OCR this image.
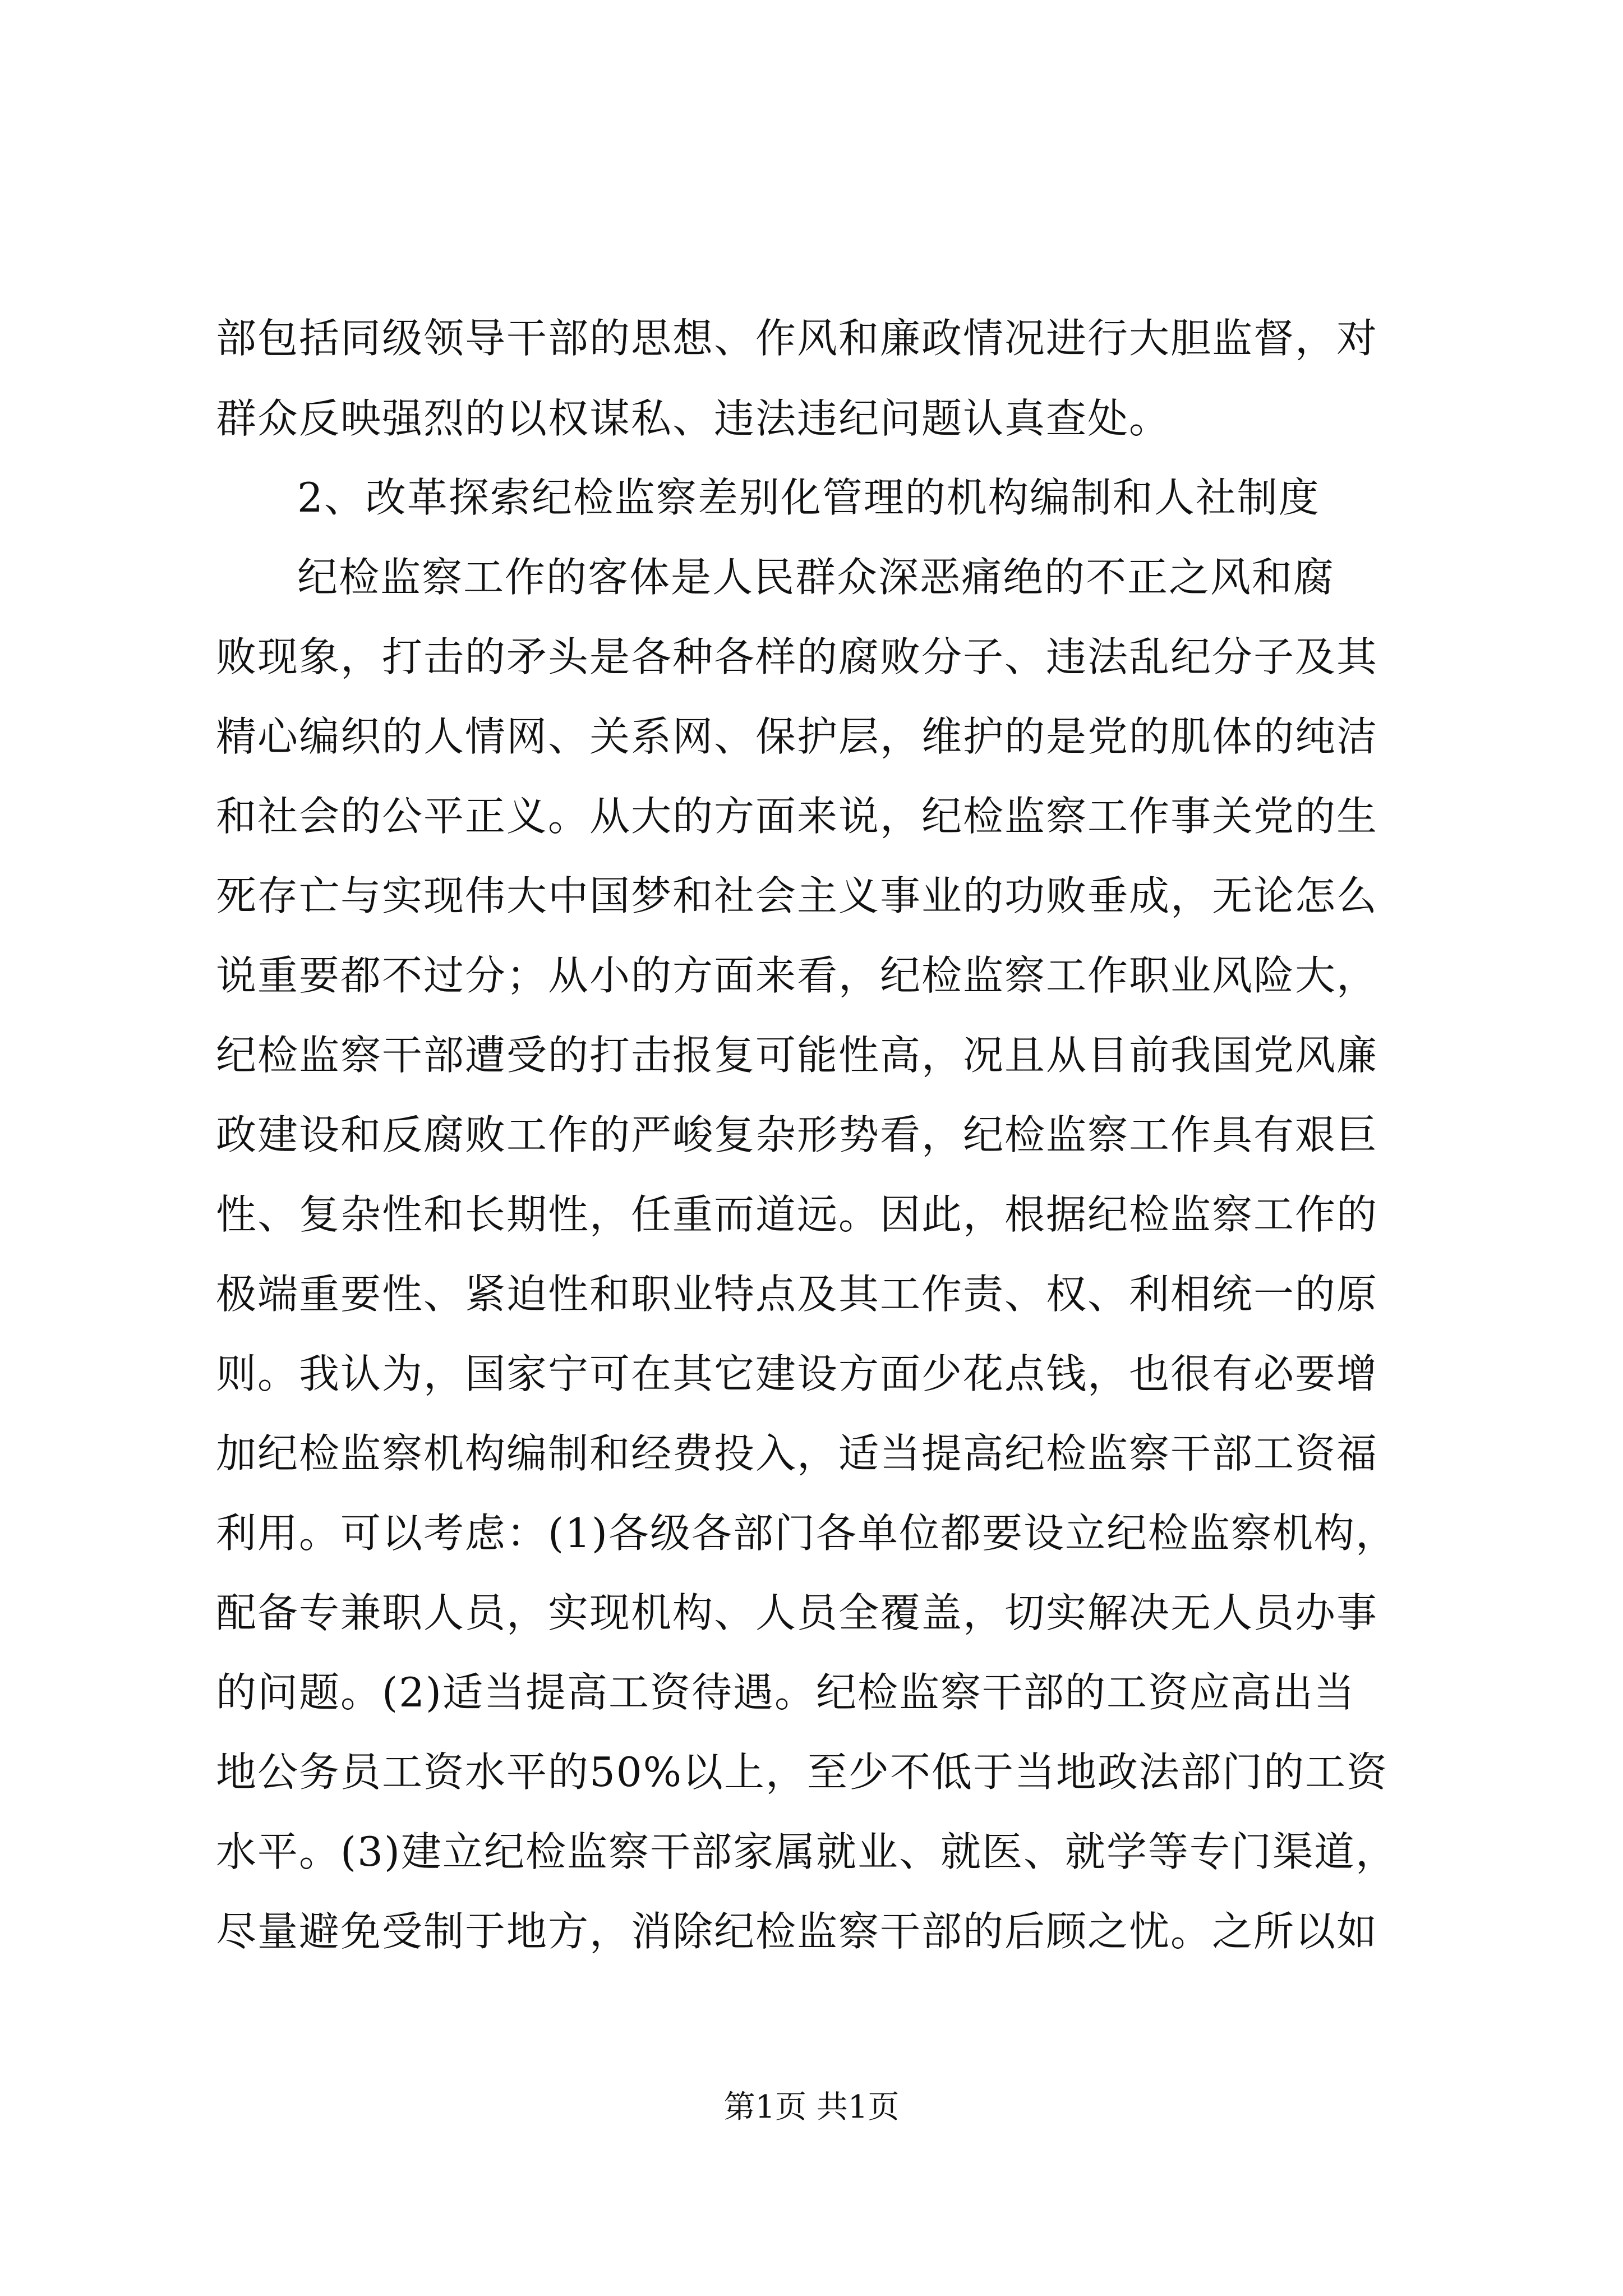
部包括同级领导干部的思想、作风和廉政情况进行大胆监督，对
群众反映强烈的以权谋私、违法违纪问题认真查处。
2、改革探索纪检监察差别化管理的机构编制和人社制度
纪检监察工作的客体是人民群众深恶痛绝的不正之风和腐
败现象，打击的矛头是各种各样的腐败分子、违法乱纪分子及其
精心编织的人情网、关系网、保护层，维护的是党的肌体的纯洁
和社会的公平正义。从大的方面来说，纪检监察工作事关党的生
死存亡与实现伟大中国梦和社会主义事业的功败垂成，无论怎么
说重要都不过分；从小的方面来看，纪检监察工作职业风险大，
纪检监察干部遭受的打击报复可能性高，况且从目前我国党风廉
政建设和反腐败工作的严峻复杂形势看，纪检监察工作具有艰巨
性、复杂性和长期性，任重而道远。因此，根据纪检监察工作的
极端重要性、紧迫性和职业特点及其工作责、权、利相统一的原
则。我认为，国家宁可在其它建设方面少花点钱，也很有必要增
加纪检监察机构编制和经费投入，适当提高纪检监察干部工资福
利用。可以考虑：(1)各级各部门各单位都要设立纪检监察机构，
配备专兼职人员，实现机构、人员全覆盖，切实解决无人员办事
的问题。(2)适当提高工资待遇。纪检监察干部的工资应高出当
地公务员工资水平的50%以上，至少不低于当地政法部门的工资
水平。(3)建立纪检监察干部家属就业、就医、就学等专门渠道，
尽量避免受制于地方，消除纪检监察干部的后顾之忧。之所以如
第1页 共1页
